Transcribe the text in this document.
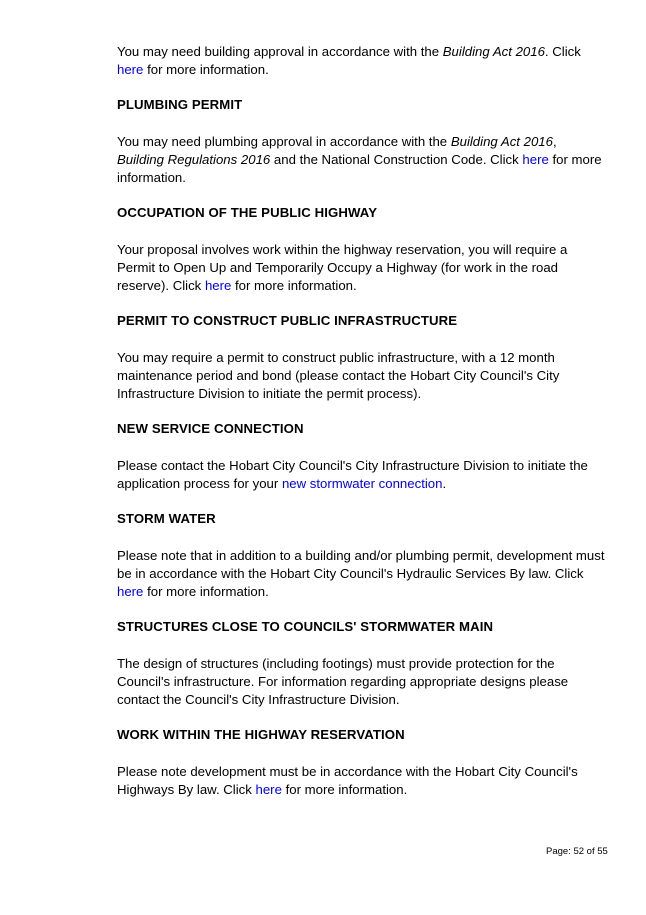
You may need building approval in accordance with the Building Act 2016. Click
here for more information.

PLUMBING PERMIT

You may need plumbing approval in accordance with the Building Act 2016, Building Regulations 2016 and the National Construction Code. Click here for more information.

OCCUPATION OF THE PUBLIC HIGHWAY

Your proposal involves work within the highway reservation, you will require a Permit to Open Up and Temporarily Occupy a Highway (for work in the road reserve). Click here for more information.

PERMIT TO CONSTRUCT PUBLIC INFRASTRUCTURE

You may require a permit to construct public infrastructure, with a 12 month maintenance period and bond (please contact the Hobart City Council's City Infrastructure Division to initiate the permit process).

NEW SERVICE CONNECTION

Please contact the Hobart City Council's City Infrastructure Division to initiate the application process for your new stormwater connection.

STORM WATER

Please note that in addition to a building and/or plumbing permit, development must be in accordance with the Hobart City Council's Hydraulic Services By law. Click here for more information.

STRUCTURES CLOSE TO COUNCILS' STORMWATER MAIN

The design of structures (including footings) must provide protection for the Council's infrastructure. For information regarding appropriate designs please contact the Council's City Infrastructure Division.

WORK WITHIN THE HIGHWAY RESERVATION

Please note development must be in accordance with the Hobart City Council's Highways By law. Click here for more information.

Page: 52 of 55
